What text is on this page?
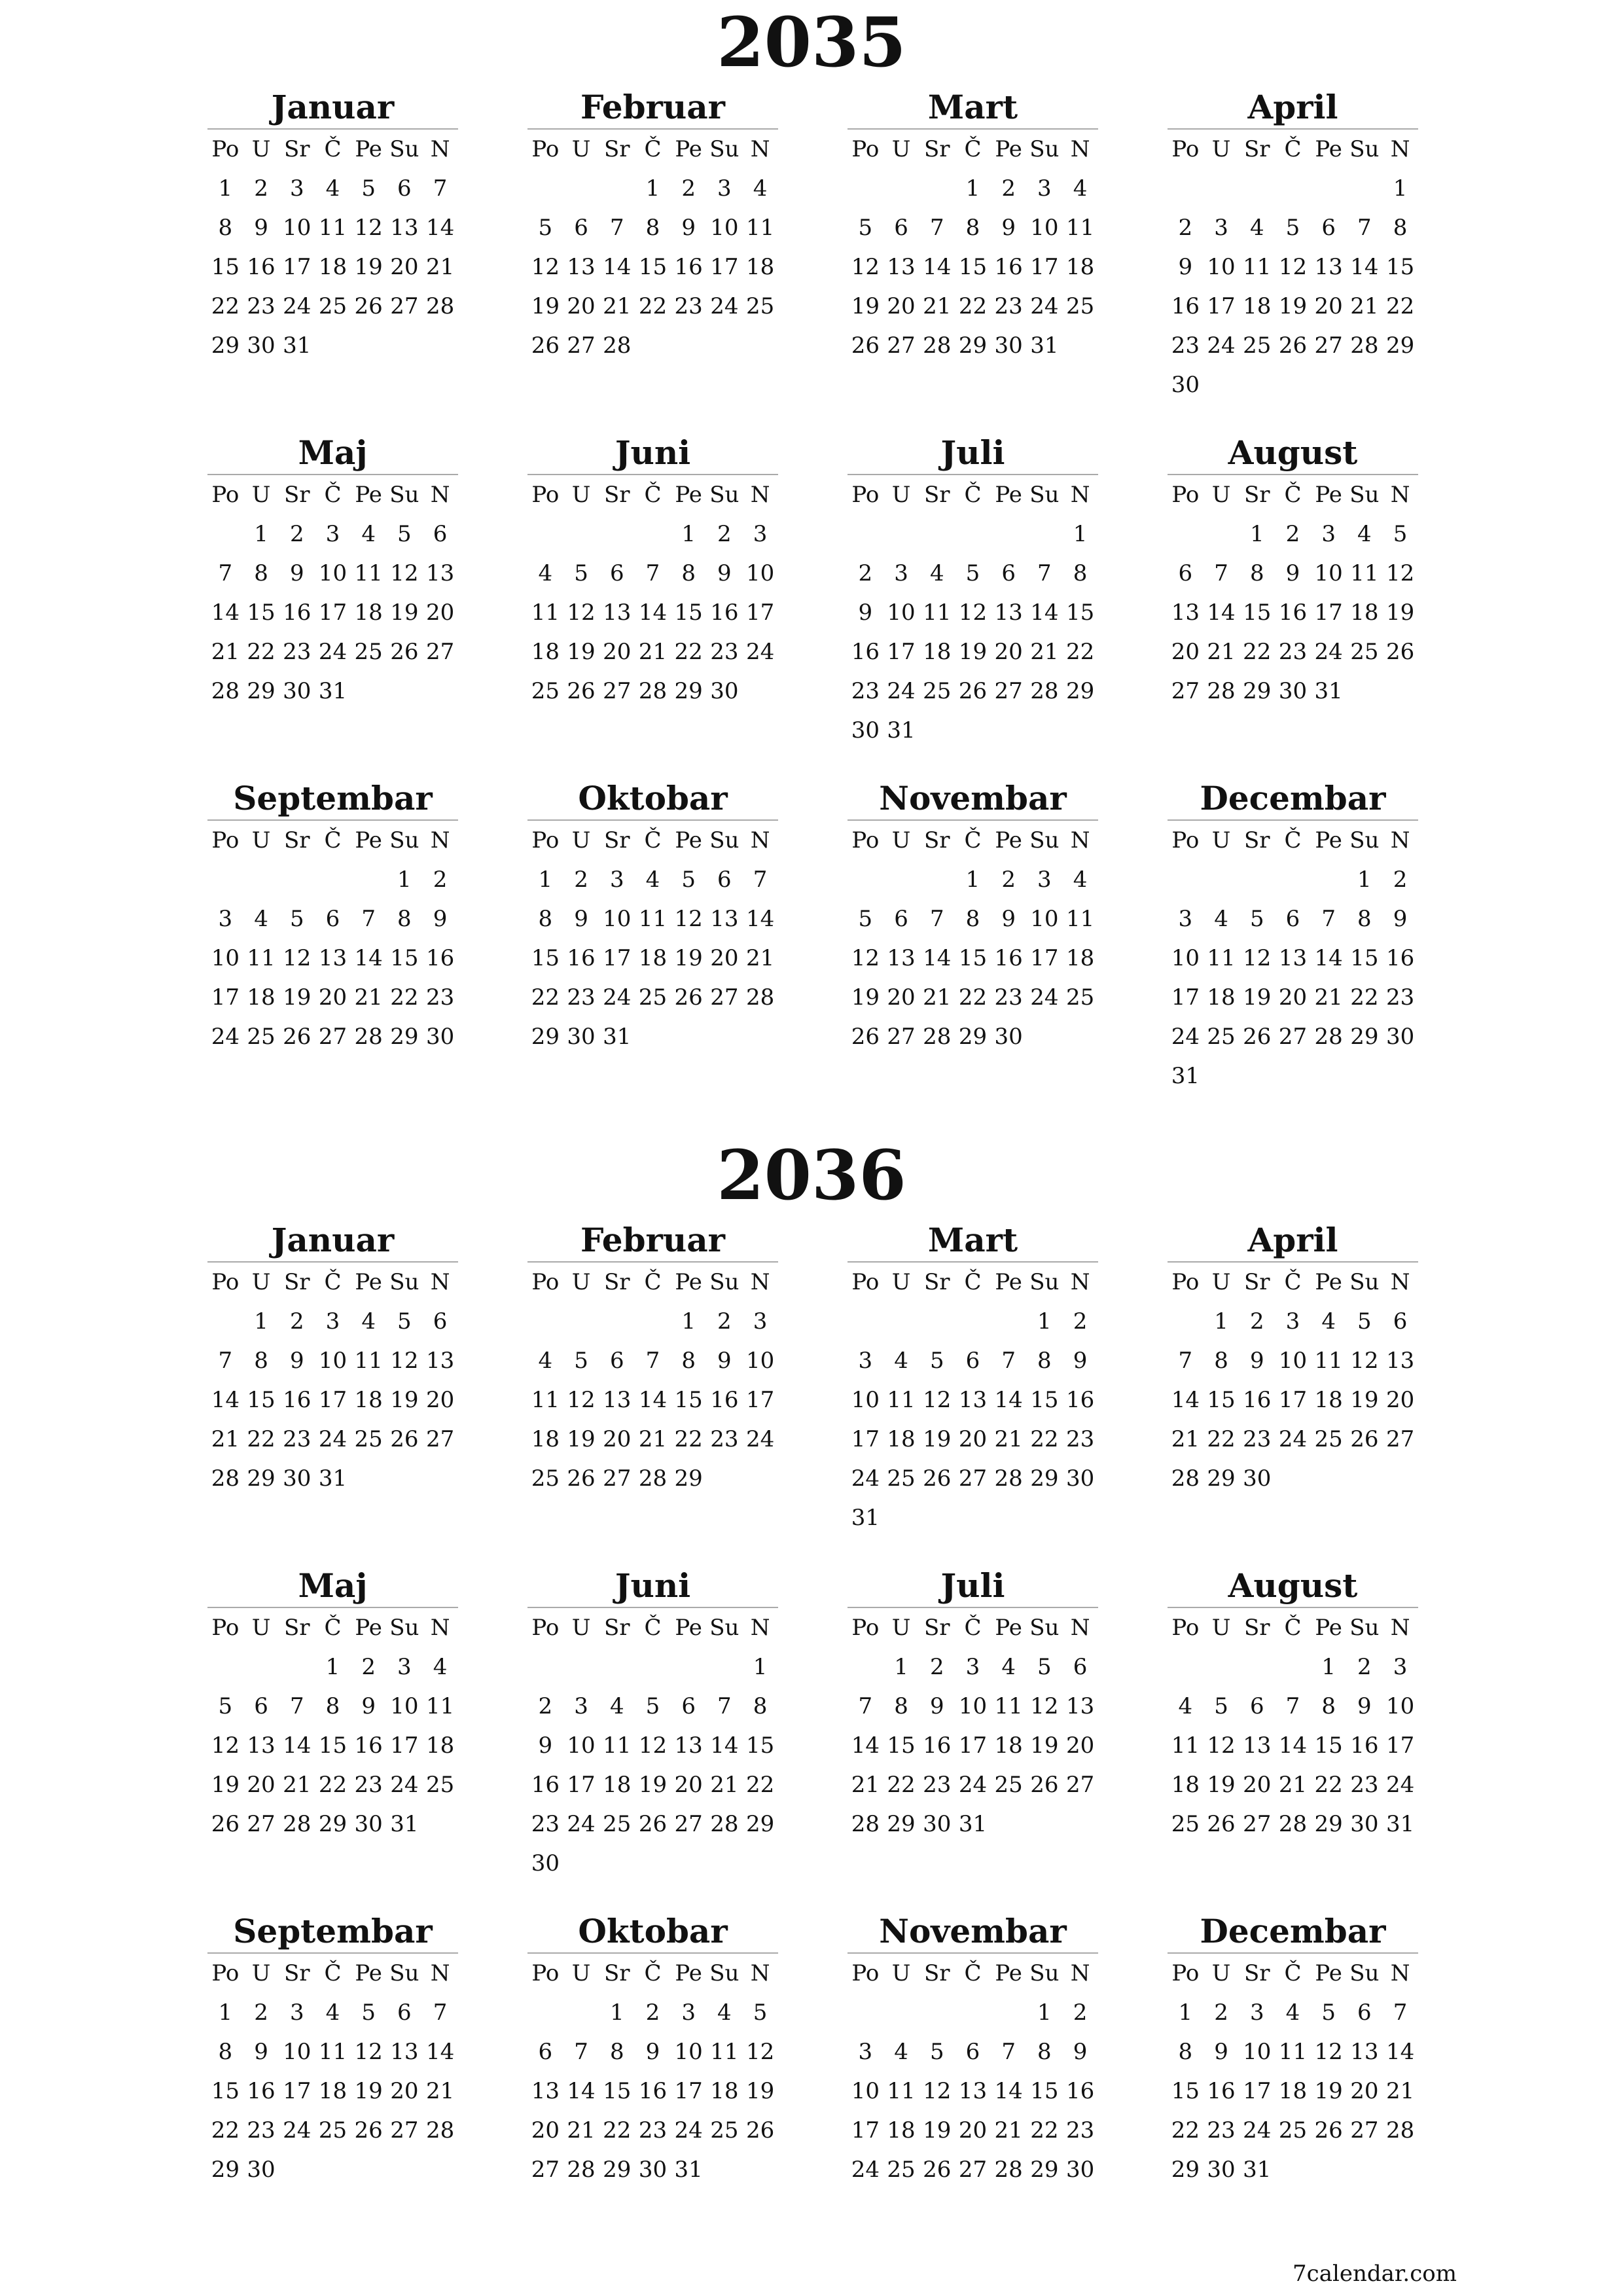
2035
Januar
Po	U	Sr	Č	Pe	Su	N
1	2	3	4	5	6	7
8	9	10	11	12	13	14
15	16	17	18	19	20	21
22	23	24	25	26	27	28
29	30	31				
Februar
Po	U	Sr	Č	Pe	Su	N
			1	2	3	4
5	6	7	8	9	10	11
12	13	14	15	16	17	18
19	20	21	22	23	24	25
26	27	28				
Mart
Po	U	Sr	Č	Pe	Su	N
			1	2	3	4
5	6	7	8	9	10	11
12	13	14	15	16	17	18
19	20	21	22	23	24	25
26	27	28	29	30	31	
April
Po	U	Sr	Č	Pe	Su	N
						1
2	3	4	5	6	7	8
9	10	11	12	13	14	15
16	17	18	19	20	21	22
23	24	25	26	27	28	29
30						
Maj
Po	U	Sr	Č	Pe	Su	N
	1	2	3	4	5	6
7	8	9	10	11	12	13
14	15	16	17	18	19	20
21	22	23	24	25	26	27
28	29	30	31			
Juni
Po	U	Sr	Č	Pe	Su	N
				1	2	3
4	5	6	7	8	9	10
11	12	13	14	15	16	17
18	19	20	21	22	23	24
25	26	27	28	29	30	
Juli
Po	U	Sr	Č	Pe	Su	N
						1
2	3	4	5	6	7	8
9	10	11	12	13	14	15
16	17	18	19	20	21	22
23	24	25	26	27	28	29
30	31					
August
Po	U	Sr	Č	Pe	Su	N
		1	2	3	4	5
6	7	8	9	10	11	12
13	14	15	16	17	18	19
20	21	22	23	24	25	26
27	28	29	30	31		
Septembar
Po	U	Sr	Č	Pe	Su	N
					1	2
3	4	5	6	7	8	9
10	11	12	13	14	15	16
17	18	19	20	21	22	23
24	25	26	27	28	29	30
Oktobar
Po	U	Sr	Č	Pe	Su	N
1	2	3	4	5	6	7
8	9	10	11	12	13	14
15	16	17	18	19	20	21
22	23	24	25	26	27	28
29	30	31				
Novembar
Po	U	Sr	Č	Pe	Su	N
			1	2	3	4
5	6	7	8	9	10	11
12	13	14	15	16	17	18
19	20	21	22	23	24	25
26	27	28	29	30		
Decembar
Po	U	Sr	Č	Pe	Su	N
					1	2
3	4	5	6	7	8	9
10	11	12	13	14	15	16
17	18	19	20	21	22	23
24	25	26	27	28	29	30
31						
2036
Januar
Po	U	Sr	Č	Pe	Su	N
	1	2	3	4	5	6
7	8	9	10	11	12	13
14	15	16	17	18	19	20
21	22	23	24	25	26	27
28	29	30	31			
Februar
Po	U	Sr	Č	Pe	Su	N
				1	2	3
4	5	6	7	8	9	10
11	12	13	14	15	16	17
18	19	20	21	22	23	24
25	26	27	28	29		
Mart
Po	U	Sr	Č	Pe	Su	N
					1	2
3	4	5	6	7	8	9
10	11	12	13	14	15	16
17	18	19	20	21	22	23
24	25	26	27	28	29	30
31						
April
Po	U	Sr	Č	Pe	Su	N
	1	2	3	4	5	6
7	8	9	10	11	12	13
14	15	16	17	18	19	20
21	22	23	24	25	26	27
28	29	30				
Maj
Po	U	Sr	Č	Pe	Su	N
			1	2	3	4
5	6	7	8	9	10	11
12	13	14	15	16	17	18
19	20	21	22	23	24	25
26	27	28	29	30	31	
Juni
Po	U	Sr	Č	Pe	Su	N
						1
2	3	4	5	6	7	8
9	10	11	12	13	14	15
16	17	18	19	20	21	22
23	24	25	26	27	28	29
30						
Juli
Po	U	Sr	Č	Pe	Su	N
	1	2	3	4	5	6
7	8	9	10	11	12	13
14	15	16	17	18	19	20
21	22	23	24	25	26	27
28	29	30	31			
August
Po	U	Sr	Č	Pe	Su	N
				1	2	3
4	5	6	7	8	9	10
11	12	13	14	15	16	17
18	19	20	21	22	23	24
25	26	27	28	29	30	31
Septembar
Po	U	Sr	Č	Pe	Su	N
1	2	3	4	5	6	7
8	9	10	11	12	13	14
15	16	17	18	19	20	21
22	23	24	25	26	27	28
29	30					
Oktobar
Po	U	Sr	Č	Pe	Su	N
		1	2	3	4	5
6	7	8	9	10	11	12
13	14	15	16	17	18	19
20	21	22	23	24	25	26
27	28	29	30	31		
Novembar
Po	U	Sr	Č	Pe	Su	N
					1	2
3	4	5	6	7	8	9
10	11	12	13	14	15	16
17	18	19	20	21	22	23
24	25	26	27	28	29	30
Decembar
Po	U	Sr	Č	Pe	Su	N
1	2	3	4	5	6	7
8	9	10	11	12	13	14
15	16	17	18	19	20	21
22	23	24	25	26	27	28
29	30	31				
7calendar.com
